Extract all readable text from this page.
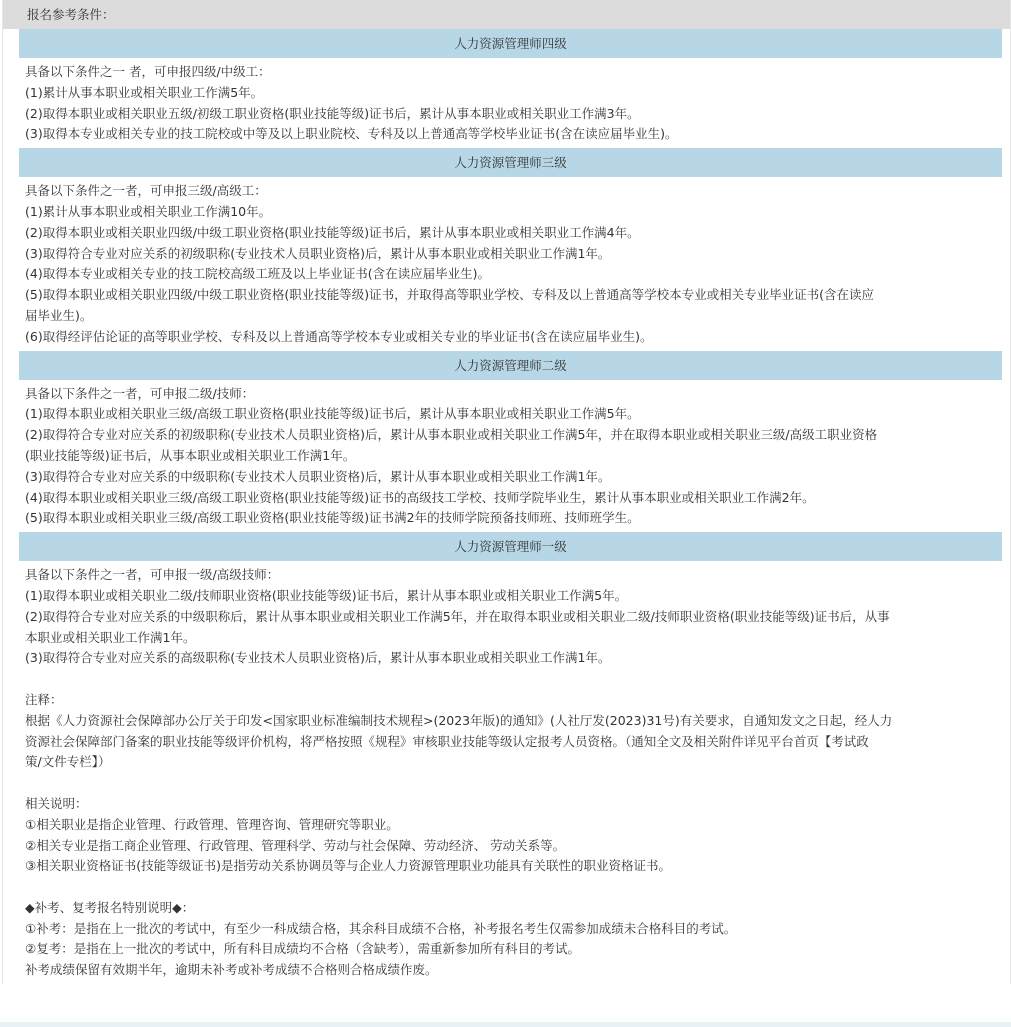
报名参考条件：
人力资源管理师四级
具备以下条件之一 者，可申报四级/中级工：
(1)累计从事本职业或相关职业工作满5年。
(2)取得本职业或相关职业五级/初级工职业资格(职业技能等级)证书后，累计从事本职业或相关职业工作满3年。
(3)取得本专业或相关专业的技工院校或中等及以上职业院校、专科及以上普通高等学校毕业证书(含在读应届毕业生)。
人力资源管理师三级
具备以下条件之一者，可申报三级/高级工：
(1)累计从事本职业或相关职业工作满10年。
(2)取得本职业或相关职业四级/中级工职业资格(职业技能等级)证书后，累计从事本职业或相关职业工作满4年。
(3)取得符合专业对应关系的初级职称(专业技术人员职业资格)后，累计从事本职业或相关职业工作满1年。
(4)取得本专业或相关专业的技工院校高级工班及以上毕业证书(含在读应届毕业生)。
(5)取得本职业或相关职业四级/中级工职业资格(职业技能等级)证书，并取得高等职业学校、专科及以上普通高等学校本专业或相关专业毕业证书(含在读应
届毕业生)。
(6)取得经评估论证的高等职业学校、专科及以上普通高等学校本专业或相关专业的毕业证书(含在读应届毕业生)。
人力资源管理师二级
具备以下条件之一者，可申报二级/技师：
(1)取得本职业或相关职业三级/高级工职业资格(职业技能等级)证书后，累计从事本职业或相关职业工作满5年。
(2)取得符合专业对应关系的初级职称(专业技术人员职业资格)后，累计从事本职业或相关职业工作满5年，并在取得本职业或相关职业三级/高级工职业资格
(职业技能等级)证书后，从事本职业或相关职业工作满1年。
(3)取得符合专业对应关系的中级职称(专业技术人员职业资格)后，累计从事本职业或相关职业工作满1年。
(4)取得本职业或相关职业三级/高级工职业资格(职业技能等级)证书的高级技工学校、技师学院毕业生，累计从事本职业或相关职业工作满2年。
(5)取得本职业或相关职业三级/高级工职业资格(职业技能等级)证书满2年的技师学院预备技师班、技师班学生。
人力资源管理师一级
具备以下条件之一者，可申报一级/高级技师：
(1)取得本职业或相关职业二级/技师职业资格(职业技能等级)证书后，累计从事本职业或相关职业工作满5年。
(2)取得符合专业对应关系的中级职称后，累计从事本职业或相关职业工作满5年，并在取得本职业或相关职业二级/技师职业资格(职业技能等级)证书后，从事
本职业或相关职业工作满1年。
(3)取得符合专业对应关系的高级职称(专业技术人员职业资格)后，累计从事本职业或相关职业工作满1年。
注释：
根据《人力资源社会保障部办公厅关于印发<国家职业标准编制技术规程>(2023年版)的通知》(人社厅发(2023)31号)有关要求，自通知发文之日起，经人力
资源社会保障部门备案的职业技能等级评价机构，将严格按照《规程》审核职业技能等级认定报考人员资格。（通知全文及相关附件详见平台首页【考试政
策/文件专栏】）
相关说明：
①相关职业是指企业管理、行政管理、管理咨询、管理研究等职业。
②相关专业是指工商企业管理、行政管理、管理科学、劳动与社会保障、劳动经济、 劳动关系等。
③相关职业资格证书(技能等级证书)是指劳动关系协调员等与企业人力资源管理职业功能具有关联性的职业资格证书。
◆补考、复考报名特别说明◆：
①补考：是指在上一批次的考试中，有至少一科成绩合格，其余科目成绩不合格，补考报名考生仅需参加成绩未合格科目的考试。
②复考：是指在上一批次的考试中，所有科目成绩均不合格（含缺考），需重新参加所有科目的考试。
补考成绩保留有效期半年，逾期未补考或补考成绩不合格则合格成绩作废。
